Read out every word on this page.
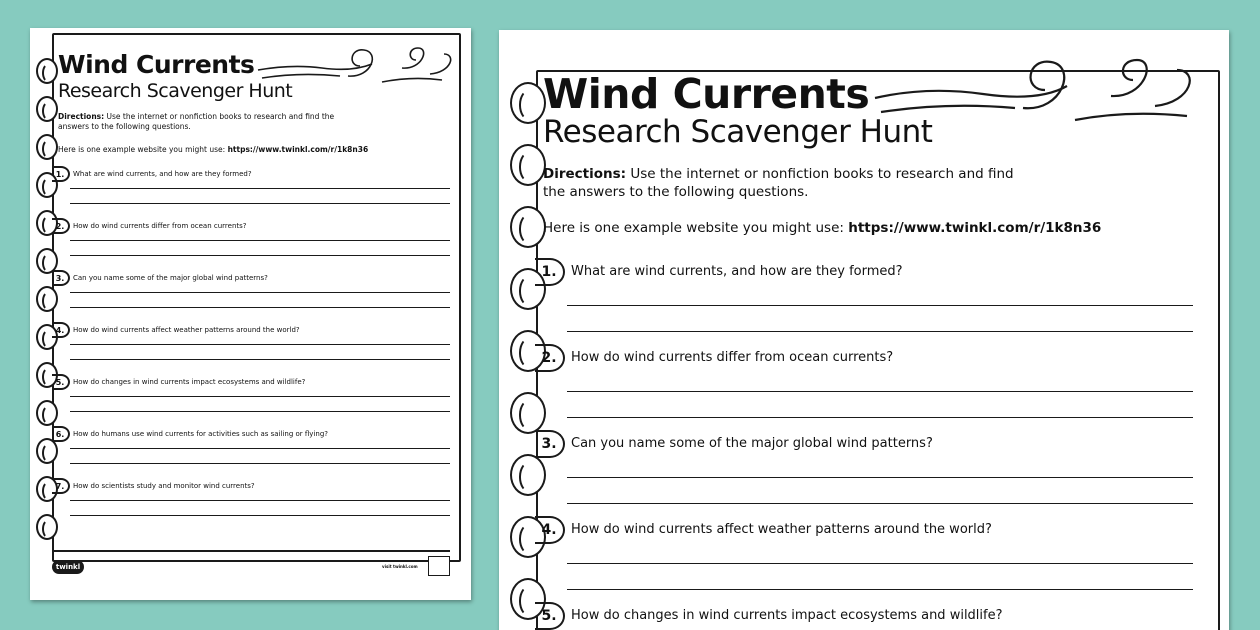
Wind Currents
Research Scavenger Hunt
Directions: Use the internet or nonfiction books to research and find the answers to the following questions.
Here is one example website you might use: https://www.twinkl.com/r/1k8n36
1.	What are wind currents, and how are they formed?
2.	How do wind currents differ from ocean currents?
3.	Can you name some of the major global wind patterns?
4.	How do wind currents affect weather patterns around the world?
5.	How do changes in wind currents impact ecosystems and wildlife?
6.	How do humans use wind currents for activities such as sailing or flying?
7.	How do scientists study and monitor wind currents?
twinkl	visit twinkl.com
Wind Currents
Research Scavenger Hunt
Directions: Use the internet or nonfiction books to research and find the answers to the following questions.
Here is one example website you might use: https://www.twinkl.com/r/1k8n36
1.	What are wind currents, and how are they formed?
2.	How do wind currents differ from ocean currents?
3.	Can you name some of the major global wind patterns?
4.	How do wind currents affect weather patterns around the world?
5.	How do changes in wind currents impact ecosystems and wildlife?
